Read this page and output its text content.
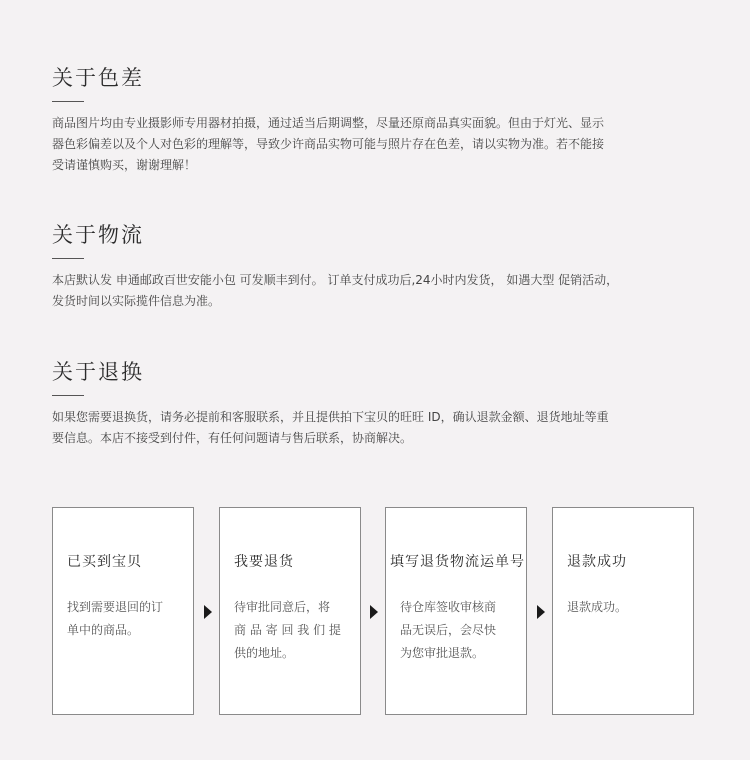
关于色差

商品图片均由专业摄影师专用器材拍摄，通过适当后期调整，尽量还原商品真实面貌。但由于灯光、显示

器色彩偏差以及个人对色彩的理解等，导致少许商品实物可能与照片存在色差，请以实物为准。若不能接

受请谨慎购买，谢谢理解！

关于物流

本店默认发 申通邮政百世安能小包 可发顺丰到付。 订单支付成功后,24小时内发货， 如遇大型 促销活动，

发货时间以实际揽件信息为准。

关于退换

如果您需要退换货，请务必提前和客服联系，并且提供拍下宝贝的旺旺 ID，确认退款金额、退货地址等重

要信息。本店不接受到付件，有任何问题请与售后联系，协商解决。

已买到宝贝

找到需要退回的订

单中的商品。

我要退货

待审批同意后，将

商 品 寄 回 我 们 提

供的地址。

填写退货物流运单号

待仓库签收审核商

品无误后，会尽快

为您审批退款。

退款成功

退款成功。
